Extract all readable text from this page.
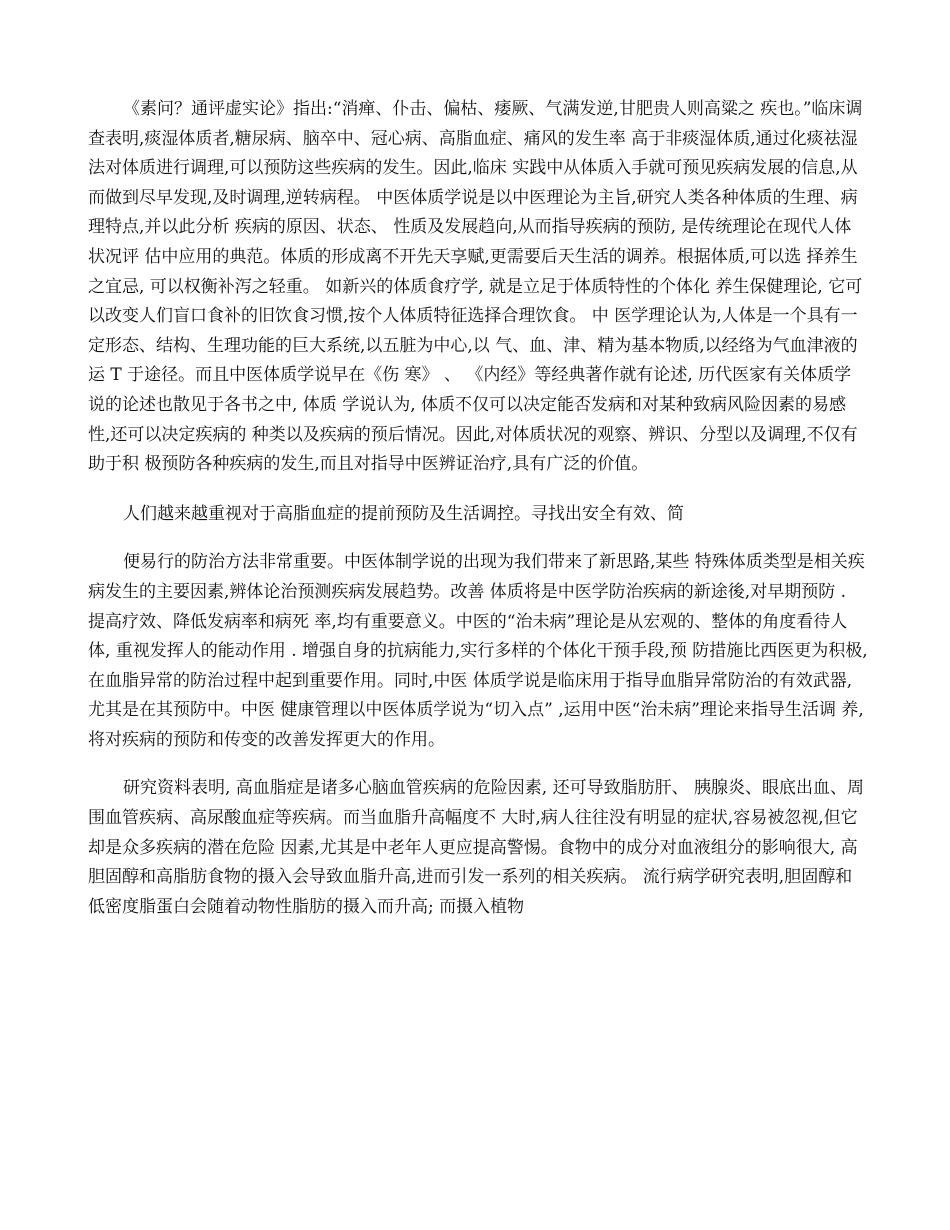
《素问？通评虚实论》指出:“消瘅、仆击、偏枯、痿厥、气满发逆,甘肥贵人则高粱之 疾也。”临床调查表明,痰湿体质者,糖尿病、脑卒中、冠心病、高脂血症、痛风的发生率 高于非痰湿体质,通过化痰祛湿法对体质进行调理,可以预防这些疾病的发生。因此,临床 实践中从体质入手就可预见疾病发展的信息,从而做到尽早发现,及时调理,逆转病程。 中医体质学说是以中医理论为主旨,研究人类各种体质的生理、病理特点,并以此分析 疾病的原因、状态、 性质及发展趋向,从而指导疾病的预防, 是传统理论在现代人体状况评 估中应用的典范。体质的形成离不开先天享赋,更需要后天生活的调养。根据体质,可以选 择养生之宜忌, 可以权衡补泻之轻重。 如新兴的体质食疗学, 就是立足于体质特性的个体化 养生保健理论, 它可以改变人们盲口食补的旧饮食习惯,按个人体质特征选择合理饮食。 中 医学理论认为,人体是一个具有一定形态、结构、生理功能的巨大系统,以五脏为中心,以 气、血、津、精为基本物质,以经络为气血津液的运 T 于途径。而且中医体质学说早在《伤 寒》 、 《内经》等经典著作就有论述, 历代医家有关体质学说的论述也散见于各书之中, 体质 学说认为, 体质不仅可以决定能否发病和对某种致病风险因素的易感性,还可以决定疾病的 种类以及疾病的预后情况。因此,对体质状况的观察、辨识、分型以及调理,不仅有助于积 极预防各种疾病的发生,而且对指导中医辨证治疗,具有广泛的价值。

人们越来越重视对于高脂血症的提前预防及生活调控。寻找出安全有效、简

便易行的防治方法非常重要。中医体制学说的出现为我们带来了新思路,某些 特殊体质类型是相关疾病发生的主要因素,辨体论治预测疾病发展趋势。改善 体质将是中医学防治疾病的新途後,对早期预防 . 提高疗效、降低发病率和病死 率,均有重要意义。中医的“治未病”理论是从宏观的、整体的角度看待人体, 重视发挥人的能动作用 . 增强自身的抗病能力,实行多样的个体化干预手段,预 防措施比西医更为积极,在血脂异常的防治过程中起到重要作用。同时,中医 体质学说是临床用于指导血脂异常防治的有效武器,尤其是在其预防中。中医 健康管理以中医体质学说为“切入点” ,运用中医“治未病”理论来指导生活调 养,将对疾病的预防和传变的改善发挥更大的作用。

研究资料表明, 高血脂症是诸多心脑血管疾病的危险因素, 还可导致脂肪肝、 胰腺炎、眼底出血、周围血管疾病、高尿酸血症等疾病。而当血脂升高幅度不 大时,病人往往没有明显的症状,容易被忽视,但它却是众多疾病的潜在危险 因素,尤其是中老年人更应提高警惕。食物中的成分对血液组分的影响很大, 高胆固醇和高脂肪食物的摄入会导致血脂升高,进而引发一系列的相关疾病。 流行病学研究表明,胆固醇和低密度脂蛋白会随着动物性脂肪的摄入而升高; 而摄入植物
